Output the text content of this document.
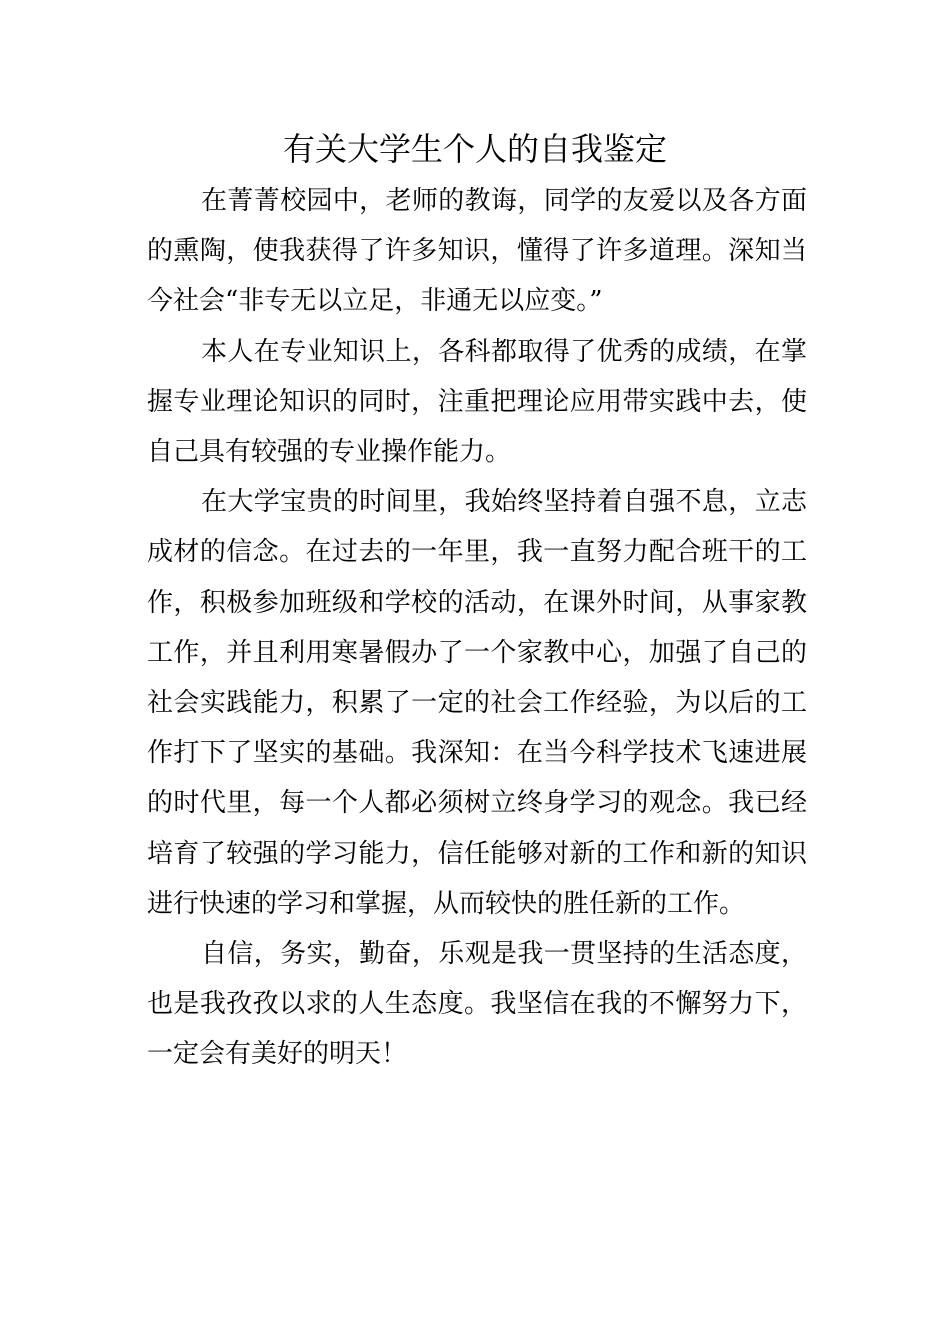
有关大学生个人的自我鉴定

在菁菁校园中，老师的教诲，同学的友爱以及各方面的熏陶，使我获得了许多知识，懂得了许多道理。深知当今社会“非专无以立足，非通无以应变。”

本人在专业知识上，各科都取得了优秀的成绩，在掌握专业理论知识的同时，注重把理论应用带实践中去，使自己具有较强的专业操作能力。

在大学宝贵的时间里，我始终坚持着自强不息，立志成材的信念。在过去的一年里，我一直努力配合班干的工作，积极参加班级和学校的活动，在课外时间，从事家教工作，并且利用寒暑假办了一个家教中心，加强了自己的社会实践能力，积累了一定的社会工作经验，为以后的工作打下了坚实的基础。我深知：在当今科学技术飞速进展的时代里，每一个人都必须树立终身学习的观念。我已经培育了较强的学习能力，信任能够对新的工作和新的知识进行快速的学习和掌握，从而较快的胜任新的工作。

自信，务实，勤奋，乐观是我一贯坚持的生活态度，也是我孜孜以求的人生态度。我坚信在我的不懈努力下，一定会有美好的明天！
